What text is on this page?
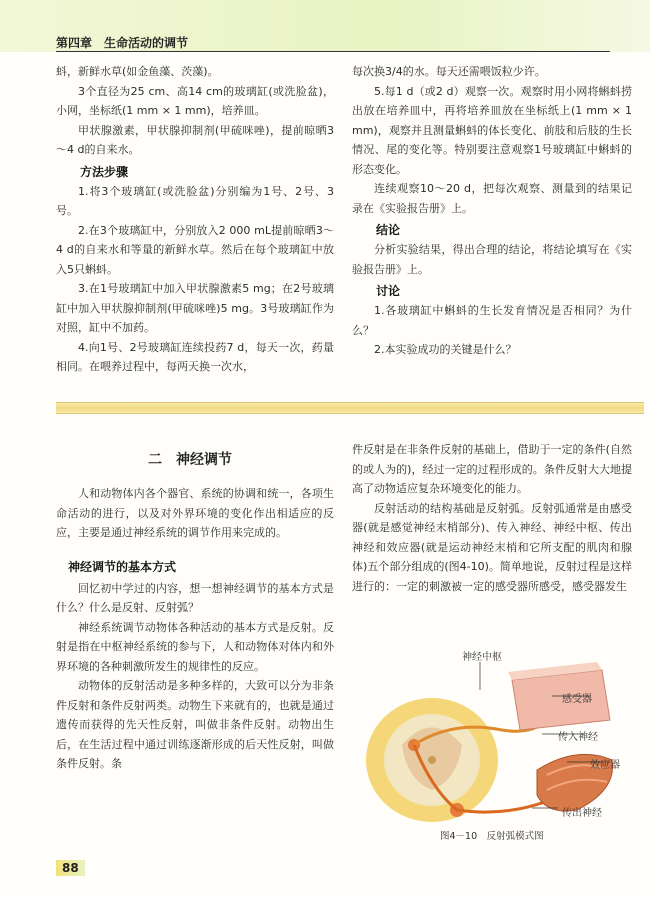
第四章　生命活动的调节

蚪，新鲜水草(如金鱼藻、茨藻)。

3个直径为25 cm、高14 cm的玻璃缸(或洗脸盆)，小网，坐标纸(1 mm × 1 mm)，培养皿。

甲状腺激素，甲状腺抑制剂(甲硫咪唑)，提前晾晒3～4 d的自来水。

方法步骤

1.将3个玻璃缸(或洗脸盆)分别编为1号、2号、3号。

2.在3个玻璃缸中，分别放入2 000 mL提前晾晒3～4 d的自来水和等量的新鲜水草。然后在每个玻璃缸中放入5只蝌蚪。

3.在1号玻璃缸中加入甲状腺激素5 mg；在2号玻璃缸中加入甲状腺抑制剂(甲硫咪唑)5 mg。3号玻璃缸作为对照，缸中不加药。

4.向1号、2号玻璃缸连续投药7 d，每天一次，药量相同。在喂养过程中，每两天换一次水，

每次换3/4的水。每天还需喂饭粒少许。

5.每1 d（或2 d）观察一次。观察时用小网将蝌蚪捞出放在培养皿中，再将培养皿放在坐标纸上(1 mm × 1 mm)，观察并且测量蝌蚪的体长变化、前肢和后肢的生长情况、尾的变化等。特别要注意观察1号玻璃缸中蝌蚪的形态变化。

连续观察10～20 d，把每次观察、测量到的结果记录在《实验报告册》上。

结论

分析实验结果，得出合理的结论，将结论填写在《实验报告册》上。

讨论

1.各玻璃缸中蝌蚪的生长发育情况是否相同？为什么？

2.本实验成功的关键是什么？

二　神经调节

人和动物体内各个器官、系统的协调和统一，各项生命活动的进行，以及对外界环境的变化作出相适应的反应，主要是通过神经系统的调节作用来完成的。

神经调节的基本方式

回忆初中学过的内容，想一想神经调节的基本方式是什么？什么是反射、反射弧？

神经系统调节动物体各种活动的基本方式是反射。反射是指在中枢神经系统的参与下，人和动物体对体内和外界环境的各种刺激所发生的规律性的反应。

动物体的反射活动是多种多样的，大致可以分为非条件反射和条件反射两类。动物生下来就有的，也就是通过遗传而获得的先天性反射，叫做非条件反射。动物出生后，在生活过程中通过训练逐渐形成的后天性反射，叫做条件反射。条

件反射是在非条件反射的基础上，借助于一定的条件(自然的或人为的)，经过一定的过程形成的。条件反射大大地提高了动物适应复杂环境变化的能力。

反射活动的结构基础是反射弧。反射弧通常是由感受器(就是感觉神经末梢部分)、传入神经、神经中枢、传出神经和效应器(就是运动神经末梢和它所支配的肌肉和腺体)五个部分组成的(图4-10)。简单地说，反射过程是这样进行的：一定的刺激被一定的感受器所感受，感受器发生

神经中枢
感受器
传入神经
效应器
传出神经
图4－10　反射弧模式图
88
